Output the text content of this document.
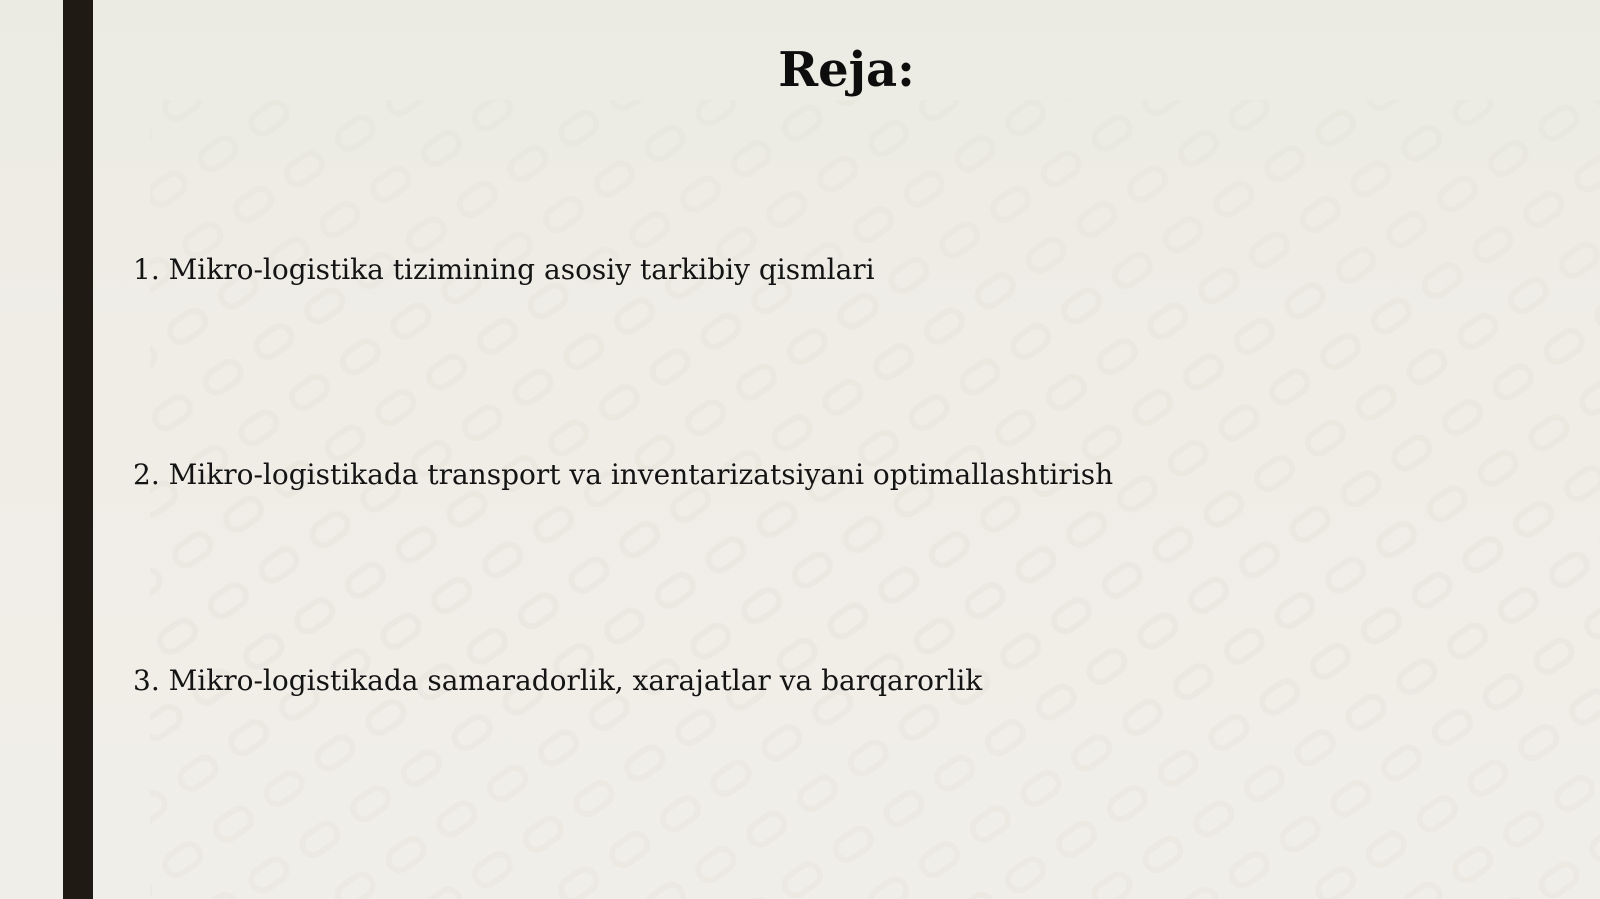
Reja:
1. Mikro-logistika tizimining asosiy tarkibiy qismlari
2. Mikro-logistikada transport va inventarizatsiyani optimallashtirish
3. Mikro-logistikada samaradorlik, xarajatlar va barqarorlik
